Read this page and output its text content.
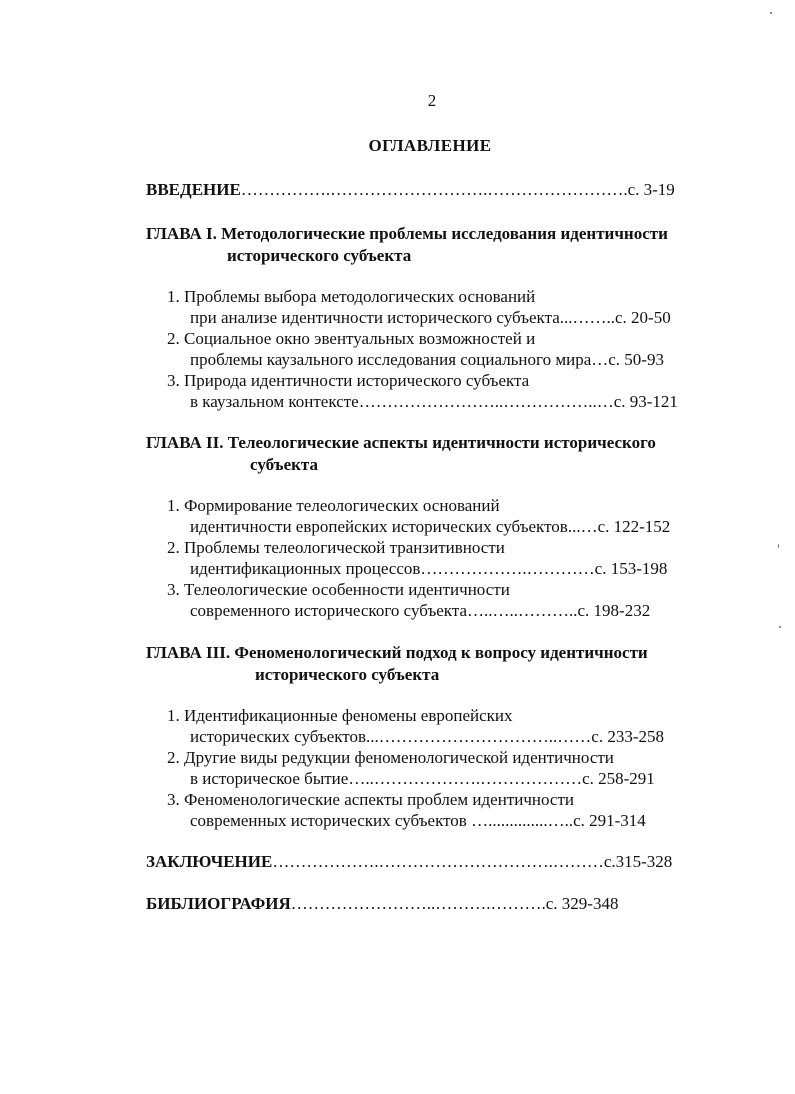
2
ОГЛАВЛЕНИЕ
ВВЕДЕНИЕ…………….……………………….…………………….с. 3-19
ГЛАВА I. Методологические проблемы исследования идентичности
исторического субъекта
1. Проблемы выбора методологических оснований
при анализе идентичности исторического субъекта...……..с. 20-50
2. Социальное окно эвентуальных возможностей и
проблемы каузального исследования социального мира…с. 50-93
3. Природа идентичности исторического субъекта
в каузальном контексте……………………..……………..…с. 93-121
ГЛАВА II. Телеологические аспекты идентичности исторического
субъекта
1. Формирование телеологических оснований
идентичности европейских исторических субъектов...…с. 122-152
2. Проблемы телеологической транзитивности
идентификационных процессов……………….…………с. 153-198
3. Телеологические особенности идентичности
современного исторического субъекта…..…..………..с. 198-232
ГЛАВА III. Феноменологический подход к вопросу идентичности
исторического субъекта
1. Идентификационные феномены европейских
исторических субъектов...…………………………..……с. 233-258
2. Другие виды редукции феноменологической идентичности
в историческое бытие…..……………….………………с. 258-291
3. Феноменологические аспекты проблем идентичности
современных исторических субъектов …..............…..с. 291-314
ЗАКЛЮЧЕНИЕ……………….………………………….………с.315-328
БИБЛИОГРАФИЯ……………………..……….……….с. 329-348
